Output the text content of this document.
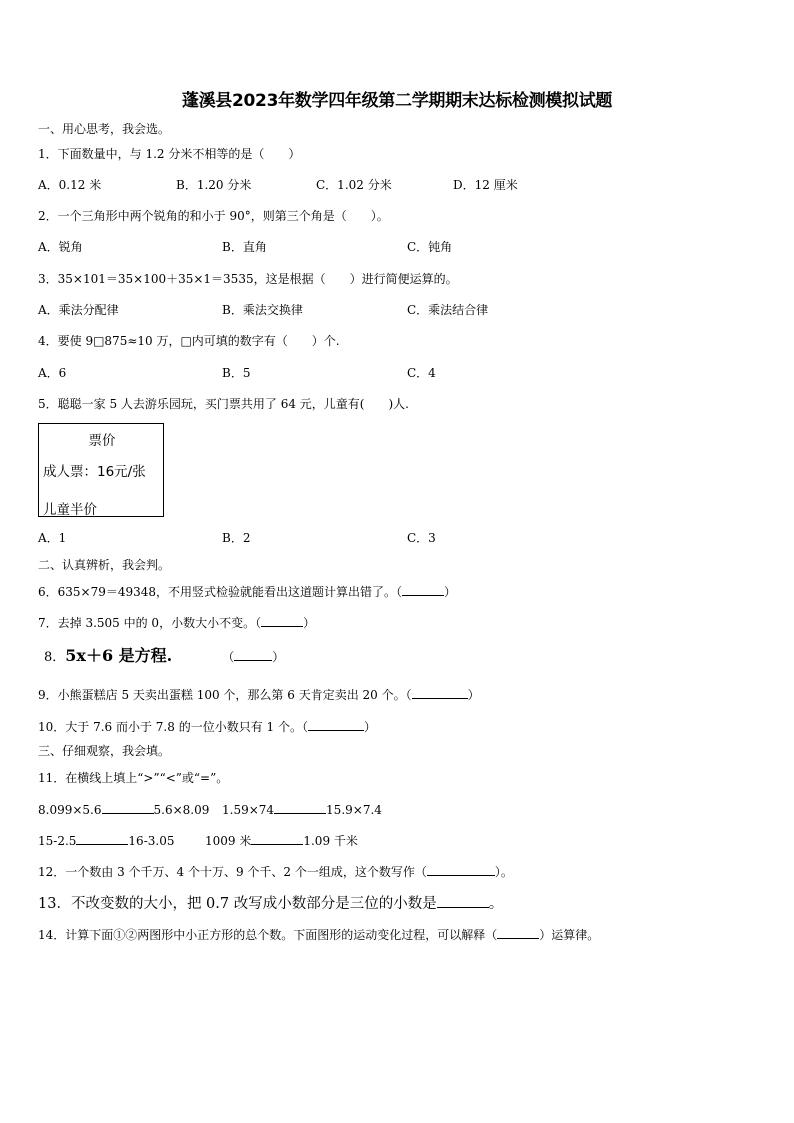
蓬溪县2023年数学四年级第二学期期末达标检测模拟试题
一、用心思考，我会选。
1．下面数量中，与 1.2 分米不相等的是（　　）
A．0.12 米	B．1.20 分米	C．1.02 分米	D．12 厘米
2．一个三角形中两个锐角的和小于 90°，则第三个角是（　　）。
A．锐角	B．直角	C．钝角
3．35×101＝35×100＋35×1＝3535，这是根据（　　）进行简便运算的。
A．乘法分配律	B．乘法交换律	C．乘法结合律
4．要使 9□875≈10 万，□内可填的数字有（　　）个.
A．6	B．5	C．4
5．聪聪一家 5 人去游乐园玩，买门票共用了 64 元，儿童有(　　)人.
票价
成人票：16元/张
儿童半价
A．1	B．2	C．3
二、认真辨析，我会判。
6．635×79＝49348，不用竖式检验就能看出这道题计算出错了。（	）
7．去掉 3.505 中的 0，小数大小不变。（	）
8．5x＋6 是方程.	（	）
9．小熊蛋糕店 5 天卖出蛋糕 100 个，那么第 6 天肯定卖出 20 个。（	）
10．大于 7.6 而小于 7.8 的一位小数只有 1 个。（	）
三、仔细观察，我会填。
11．在横线上填上“>”“<”或“=”。
8.099×5.6	5.6×8.09 1.59×74	15.9×7.4
15-2.5	16-3.05	1009 米	1.09 千米
12．一个数由 3 个千万、4 个十万、9 个千、2 个一组成，这个数写作（	）。
13．不改变数的大小，把 0.7 改写成小数部分是三位的小数是	。
14．计算下面①②两图形中小正方形的总个数。下面图形的运动变化过程，可以解释（	）运算律。
